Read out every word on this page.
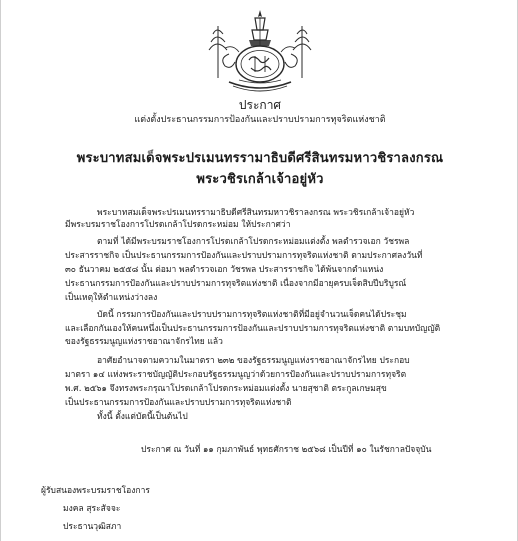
ประกาศ
แต่งตั้งประธานกรรมการป้องกันและปราบปรามการทุจริตแห่งชาติ
พระบาทสมเด็จพระปรเมนทรรามาธิบดีศรีสินทรมหาวชิราลงกรณ
พระวชิรเกล้าเจ้าอยู่หัว
พระบาทสมเด็จพระปรเมนทรรามาธิบดีศรีสินทรมหาวชิราลงกรณ พระวชิรเกล้าเจ้าอยู่หัว
มีพระบรมราชโองการโปรดเกล้าโปรดกระหม่อม ให้ประกาศว่า
ตามที่ ได้มีพระบรมราชโองการโปรดเกล้าโปรดกระหม่อมแต่งตั้ง พลตำรวจเอก วัชรพล
ประสารราชกิจ เป็นประธานกรรมการป้องกันและปราบปรามการทุจริตแห่งชาติ ตามประกาศลงวันที่
๓๐ ธันวาคม ๒๕๕๘ นั้น ต่อมา พลตำรวจเอก วัชรพล ประสารราชกิจ ได้พ้นจากตำแหน่ง
ประธานกรรมการป้องกันและปราบปรามการทุจริตแห่งชาติ เนื่องจากมีอายุครบเจ็ดสิบปีบริบูรณ์
เป็นเหตุให้ตำแหน่งว่างลง
บัดนี้ กรรมการป้องกันและปราบปรามการทุจริตแห่งชาติที่มีอยู่จำนวนเจ็ดคนได้ประชุม
และเลือกกันเองให้คนหนึ่งเป็นประธานกรรมการป้องกันและปราบปรามการทุจริตแห่งชาติ ตามบทบัญญัติ
ของรัฐธรรมนูญแห่งราชอาณาจักรไทย แล้ว
อาศัยอำนาจตามความในมาตรา ๒๓๒ ของรัฐธรรมนูญแห่งราชอาณาจักรไทย ประกอบ
มาตรา ๑๔ แห่งพระราชบัญญัติประกอบรัฐธรรมนูญว่าด้วยการป้องกันและปราบปรามการทุจริต
พ.ศ. ๒๕๖๑ จึงทรงพระกรุณาโปรดเกล้าโปรดกระหม่อมแต่งตั้ง นายสุชาติ ตระกูลเกษมสุข
เป็นประธานกรรมการป้องกันและปราบปรามการทุจริตแห่งชาติ
ทั้งนี้ ตั้งแต่บัดนี้เป็นต้นไป
ประกาศ ณ วันที่ ๑๑ กุมภาพันธ์ พุทธศักราช ๒๕๖๘ เป็นปีที่ ๑๐ ในรัชกาลปัจจุบัน
ผู้รับสนองพระบรมราชโองการ
มงคล สุระสัจจะ
ประธานวุฒิสภา
